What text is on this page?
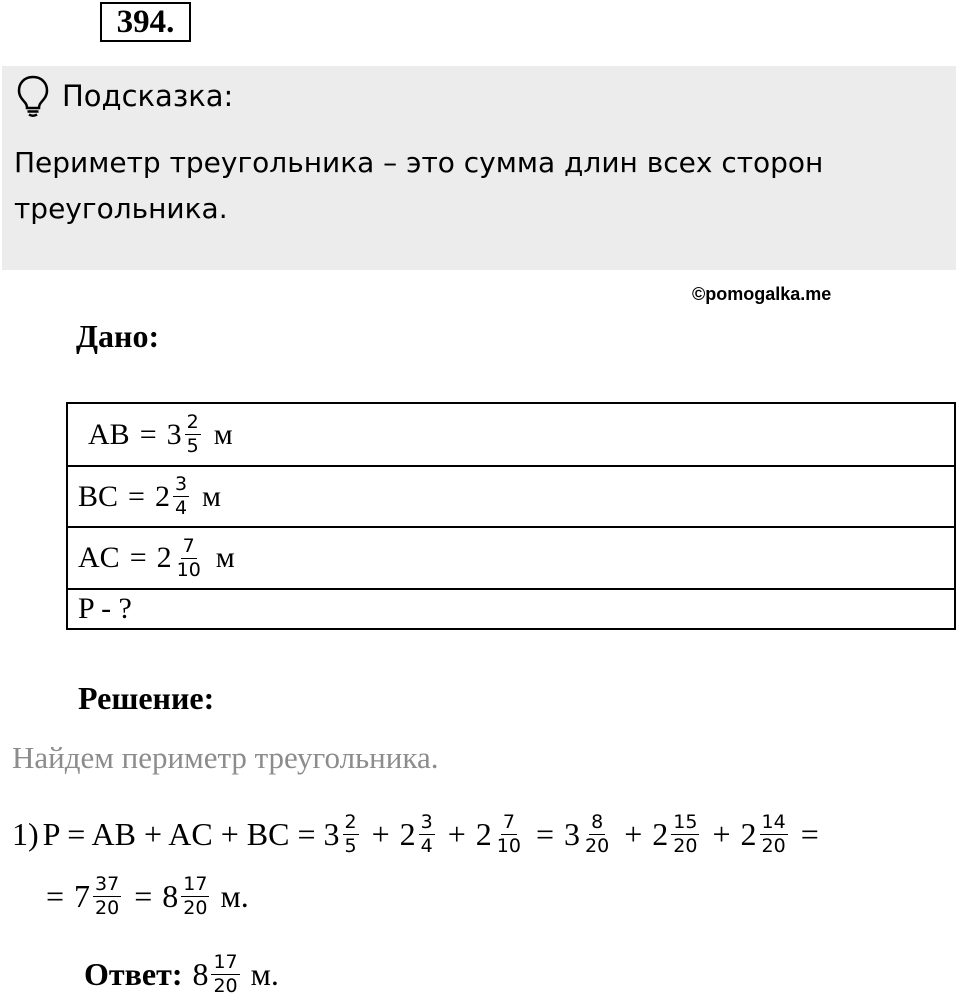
394.
Подсказка:
Периметр треугольника – это сумма длин всех сторон треугольника.
©pomogalka.me
Дано:
AB = $3 \frac{2}{5}$ м

BC = $2 \frac{3}{4}$ м

AC = $2 \frac{7}{10}$ м

P - ?
Решение:
Найдем периметр треугольника.
1) P = AB + AC + BC = $3 \frac{2}{5} + 2 \frac{3}{4} + 2 \frac{7}{10} = 3 \frac{8}{20} + 2 \frac{15}{20} + 2 \frac{14}{20}$ =
= $7 \frac{37}{20} = 8 \frac{17}{20} м$.
Ответ: $8 \frac{17}{20} м$.
